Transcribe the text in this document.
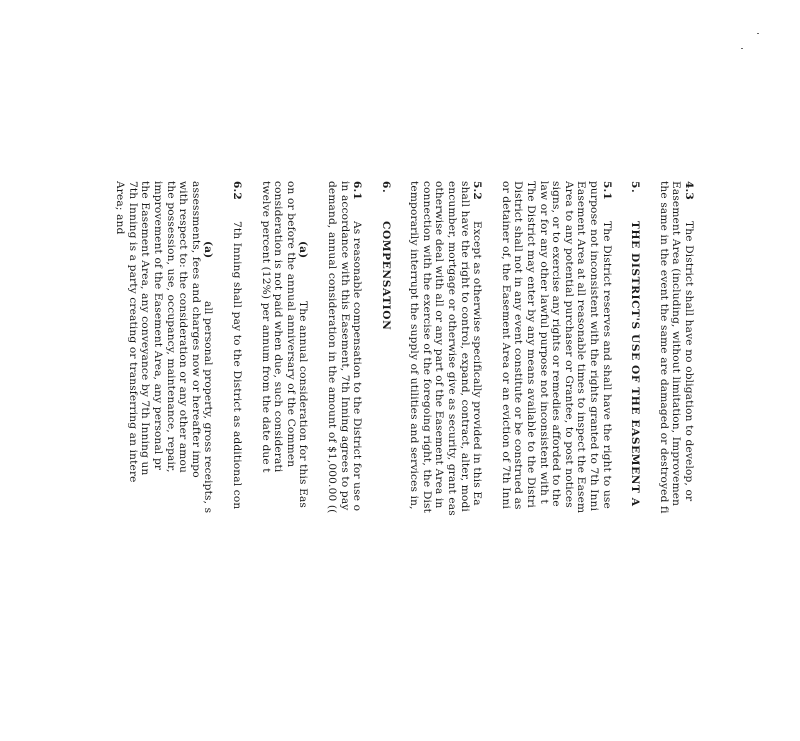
4.3The District shall have no obligation to develop, or
Easement Area (including, without limitation, Improvemen
the same in the event the same are damaged or destroyed fi

5.THE DISTRICT'S USE OF THE EASEMENT A

5.1The District reserves and shall have the right to use
purpose not inconsistent with the rights granted to 7th Inni
Easement Area at all reasonable times to inspect the Easem
Area to any potential purchaser or Grantee, to post notices
signs, or to exercise any rights or remedies afforded to the
law or for any other lawful purpose not inconsistent with t
The District may enter by any means available to the Distri
District shall not in any event constitute or be construed as
or detainer of, the Easement Area or an eviction of 7th Inni

5.2Except as otherwise specifically provided in this Ea
shall have the right to control, expand, contract, alter, modi
encumber, mortgage or otherwise give as security, grant eas
otherwise deal with all or any part of the Easement Area in
connection with the exercise of the foregoing right, the Dist
temporarily interrupt the supply of utilities and services in,

6.COMPENSATION

6.1As reasonable compensation to the District for use o
in accordance with this Easement, 7th Inning agrees to pay
demand, annual consideration in the amount of $1,000.00 ((

(a)The annual consideration for this Eas
on or before the annual anniversary of the Commen
consideration is not paid when due, such considerati
twelve percent (12%) per annum from the date due t

6.27th Inning shall pay to the District as additional con

(a)all personal property, gross receipts, s
assessments, fees and charges now or hereafter impo
with respect to: the consideration or any other amou
the possession, use, occupancy, maintenance, repair,
improvement of the Easement Area, any personal pr
the Easement Area, any conveyance by 7th Inning un
7th Inning is a party creating or transferring an intere
Area; and
